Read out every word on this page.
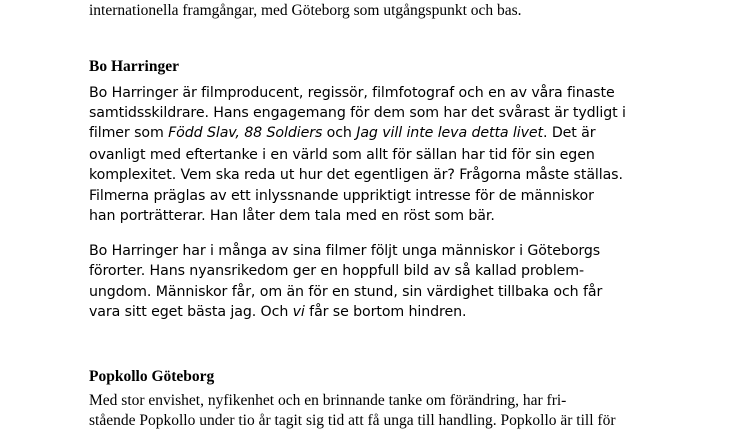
internationella framgångar, med Göteborg som utgångspunkt och bas.

Bo Harringer

Bo Harringer är filmproducent, regissör, filmfotograf och en av våra finaste

samtidsskildrare. Hans engagemang för dem som har det svårast är tydligt i

filmer som Född Slav, 88 Soldiers och Jag vill inte leva detta livet. Det är

ovanligt med eftertanke i en värld som allt för sällan har tid för sin egen

komplexitet. Vem ska reda ut hur det egentligen är? Frågorna måste ställas.

Filmerna präglas av ett inlyssnande uppriktigt intresse för de människor

han porträtterar. Han låter dem tala med en röst som bär.

Bo Harringer har i många av sina filmer följt unga människor i Göteborgs

förorter. Hans nyansrikedom ger en hoppfull bild av så kallad problem-

ungdom. Människor får, om än för en stund, sin värdighet tillbaka och får

vara sitt eget bästa jag. Och vi får se bortom hindren.

Popkollo Göteborg

Med stor envishet, nyfikenhet och en brinnande tanke om förändring, har fri-

stående Popkollo under tio år tagit sig tid att få unga till handling. Popkollo är till för
